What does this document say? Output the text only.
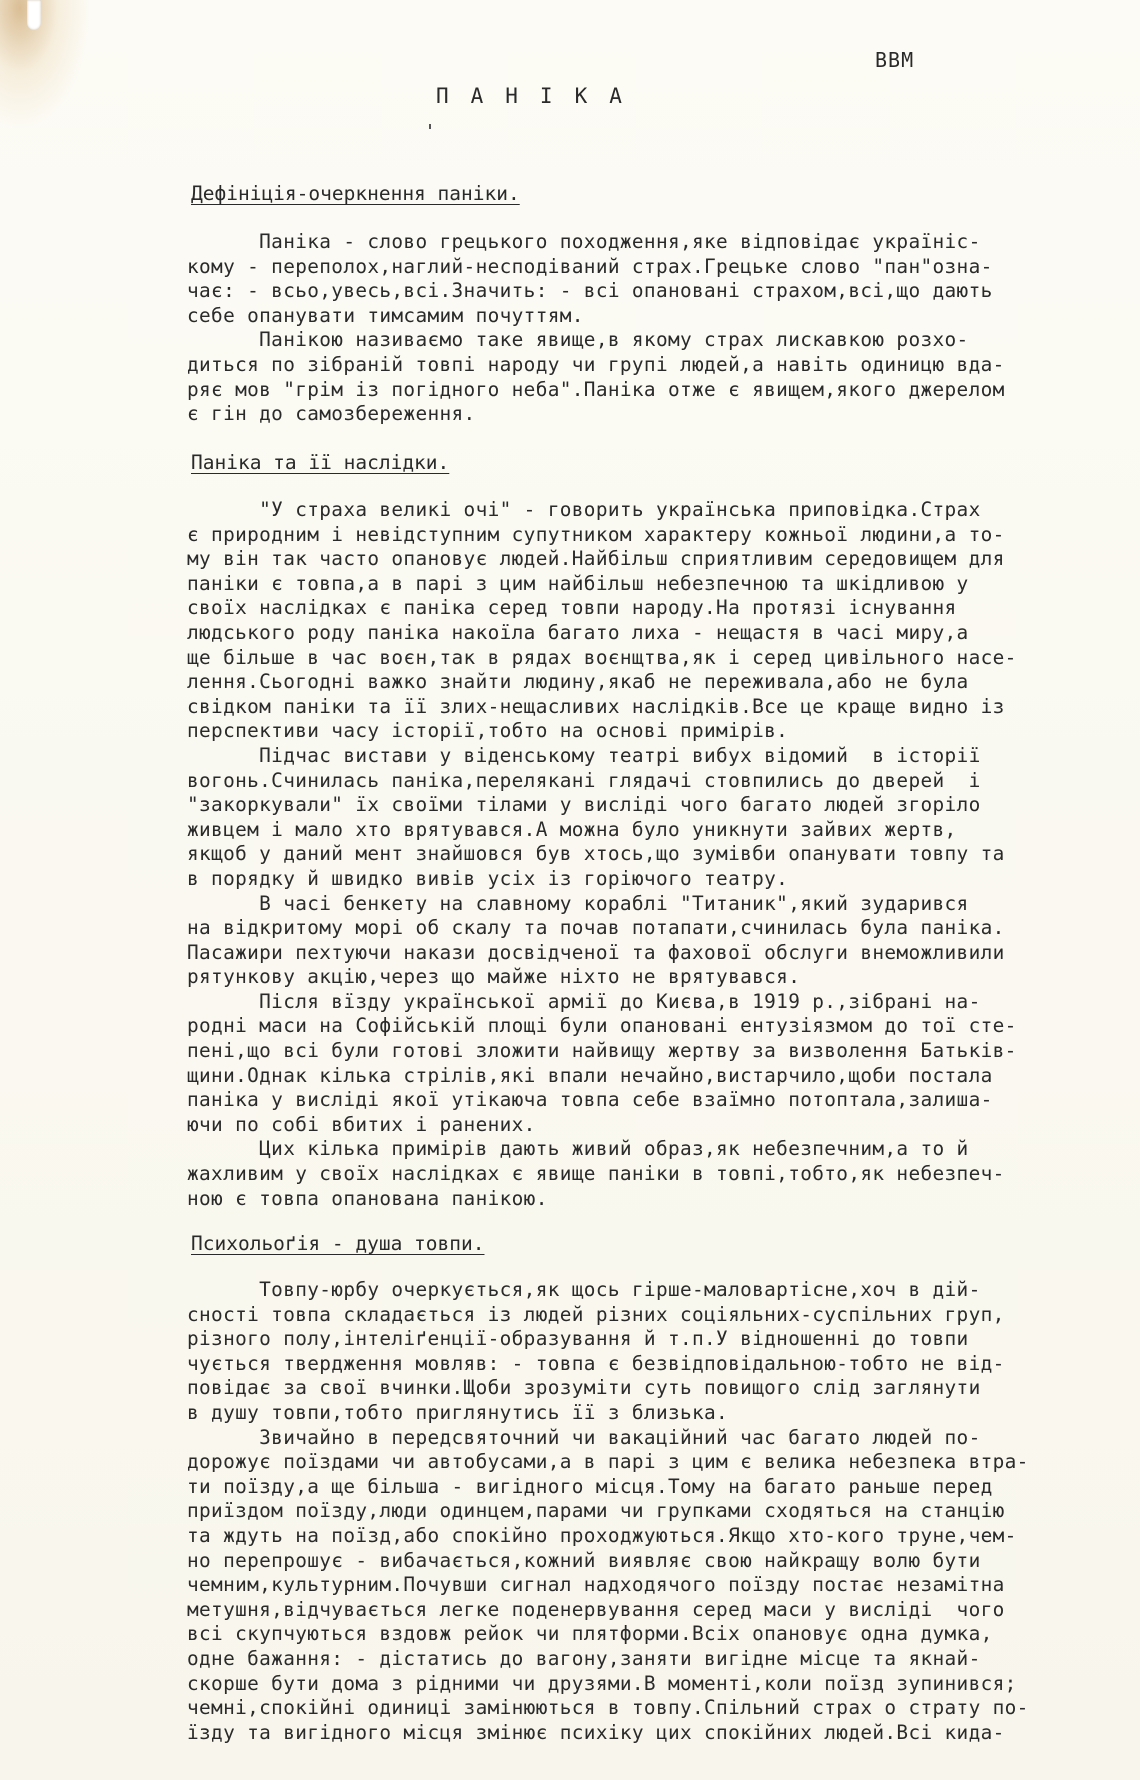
ВВМ
ПАНІКА
Дефініція-очеркнення паніки.
Паніка - слово грецького походження,яке відповідає україніс-
кому - переполох,наглий-несподіваний страх.Грецьке слово "пан"озна-
чає: - всьо,увесь,всі.Значить: - всі опановані страхом,всі,що дають
себе опанувати тимсамим почуттям.
Панікою називаємо таке явище,в якому страх лискавкою розхо-
диться по зібраній товпі народу чи групі людей,а навіть одиницю вда-
ряє мов "грім із погідного неба".Паніка отже є явищем,якого джерелом
є гін до самозбереження.
Паніка та її наслідки.
"У страха великі очі" - говорить українська приповідка.Страх
є природним і невідступним супутником характеру кожньої людини,а то-
му він так часто опановує людей.Найбільш сприятливим середовищем для
паніки є товпа,а в парі з цим найбільш небезпечною та шкідливою у
своїх наслідках є паніка серед товпи народу.На протязі існування
людського роду паніка накоїла багато лиха - нещастя в часі миру,а
ще більше в час воєн,так в рядах воєнщтва,як і серед цивільного насе-
лення.Сьогодні важко знайти людину,якаб не переживала,або не була
свідком паніки та її злих-нещасливих наслідків.Все це краще видно із
перспективи часу історії,тобто на основі примірів.
Підчас вистави у віденському театрі вибух відомий  в історії
вогонь.Счинилась паніка,перелякані глядачі стовпились до дверей  і
"закоркували" їх своїми тілами у висліді чого багато людей згоріло
живцем і мало хто врятувався.А можна було уникнути зайвих жертв,
якщоб у даний мент знайшовся був хтось,що зумівби опанувати товпу та
в порядку й швидко вивів усіх із горіючого театру.
В часі бенкету на славному кораблі "Титаник",який зударився
на відкритому морі об скалу та почав потапати,счинилась була паніка.
Пасажири пехтуючи накази досвідченої та фахової обслуги внеможливили
рятункову акцію,через що майже ніхто не врятувався.
Після вїзду української армії до Києва,в 1919 р.,зібрані на-
родні маси на Софійській площі були опановані ентузіязмом до тої сте-
пені,що всі були готові зложити найвищу жертву за визволення Батьків-
щини.Однак кілька стрілів,які впали нечайно,вистарчило,щоби постала
паніка у висліді якої утікаюча товпа себе взаїмно потоптала,залиша-
ючи по собі вбитих і ранених.
Цих кілька примірів дають живий образ,як небезпечним,а то й
жахливим у своїх наслідках є явище паніки в товпі,тобто,як небезпеч-
ною є товпа опанована панікою.
Психольоґія - душа товпи.
Товпу-юрбу очеркується,як щось гірше-маловартісне,хоч в дій-
сності товпа складається із людей різних соціяльних-суспільних груп,
різного полу,інтеліґенції-образування й т.п.У відношенні до товпи
чується твердження мовляв: - товпа є безвідповідальною-тобто не від-
повідає за свої вчинки.Щоби зрозуміти суть повищого слід заглянути
в душу товпи,тобто приглянутись її з близька.
Звичайно в передсвяточний чи вакаційний час багато людей по-
дорожує поїздами чи автобусами,а в парі з цим є велика небезпека втра-
ти поїзду,а ще більша - вигідного місця.Тому на багато раньше перед
приїздом поїзду,люди одинцем,парами чи групками сходяться на станцію
та ждуть на поїзд,або спокійно проходжуються.Якщо хто-кого труне,чем-
но перепрошує - вибачається,кожний виявляє свою найкращу волю бути
чемним,культурним.Почувши сигнал надходячого поїзду постає незамітна
метушня,відчувається легке поденервування серед маси у висліді  чого
всі скупчуються вздовж рейок чи плятформи.Всіх опановує одна думка,
одне бажання: - дістатись до вагону,заняти вигідне місце та якнай-
скорше бути дома з рідними чи друзями.В моменті,коли поїзд зупинився;
чемні,спокійні одиниці замінюються в товпу.Спільний страх о страту по-
їзду та вигідного місця змінює психіку цих спокійних людей.Всі кида-
